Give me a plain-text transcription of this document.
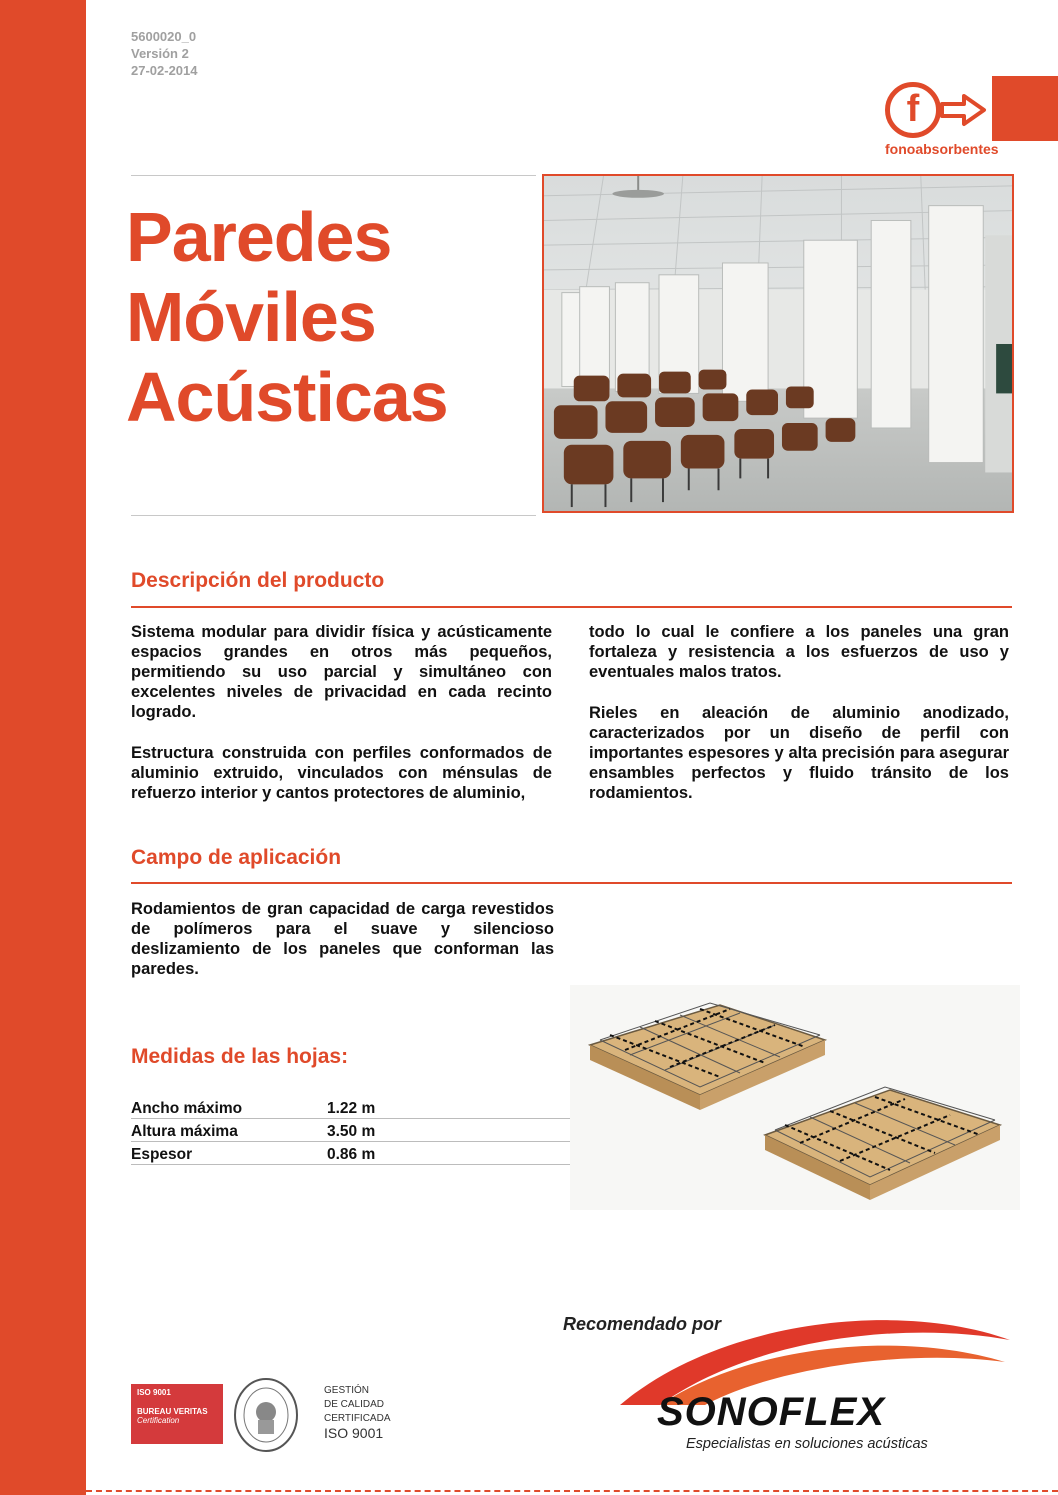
5600020_0
Versión 2
27-02-2014
f
fonoabsorbentes
Paredes
Móviles
Acústicas
Descripción del producto

Sistema modular para dividir física y acústicamente espacios grandes en otros más pequeños, permitiendo su uso parcial y simultáneo con excelentes niveles de privacidad en cada recinto logrado.

Estructura construida con perfiles conformados de aluminio extruido, vinculados con ménsulas de refuerzo interior y cantos protectores de aluminio,

todo lo cual le confiere a los paneles una gran fortaleza y resistencia a los esfuerzos de uso y eventuales malos tratos.

Rieles en aleación de aluminio anodizado, caracterizados por un diseño de perfil con importantes espesores y alta precisión para asegurar ensambles perfectos y fluido tránsito de los rodamientos.

Campo de aplicación
Rodamientos de gran capacidad de carga revestidos de polímeros para el suave y silencioso deslizamiento de los paneles que conforman las paredes.
Medidas de las hojas:
Ancho máximo	1.22 m
Altura máxima	3.50 m
Espesor	0.86 m
Recomendado por
SONOFLEX
Especialistas en soluciones acústicas
ISO 9001
BUREAU VERITAS
Certification
GESTIÓN
DE CALIDAD
CERTIFICADA
ISO 9001
